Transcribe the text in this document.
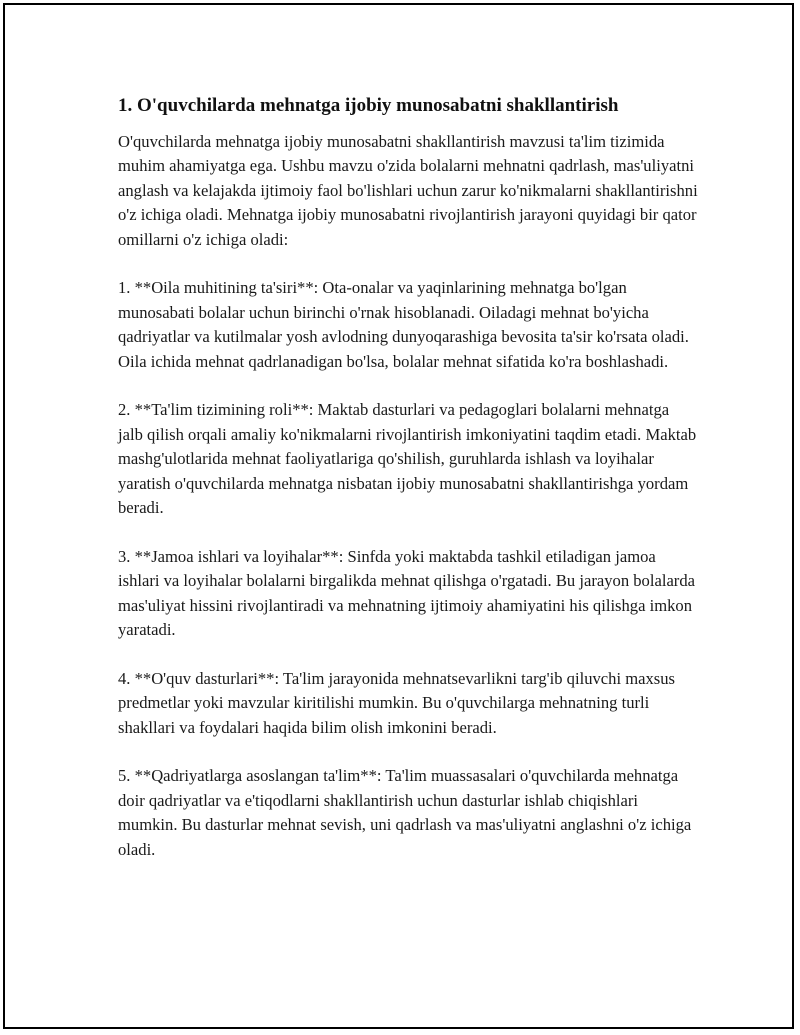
1. O'quvchilarda mehnatga ijobiy munosabatni shakllantirish

O'quvchilarda mehnatga ijobiy munosabatni shakllantirish mavzusi ta'lim tizimida muhim ahamiyatga ega. Ushbu mavzu o'zida bolalarni mehnatni qadrlash, mas'uliyatni anglash va kelajakda ijtimoiy faol bo'lishlari uchun zarur ko'nikmalarni shakllantirishni o'z ichiga oladi. Mehnatga ijobiy munosabatni rivojlantirish jarayoni quyidagi bir qator omillarni o'z ichiga oladi:

1. **Oila muhitining ta'siri**: Ota-onalar va yaqinlarining mehnatga bo'lgan munosabati bolalar uchun birinchi o'rnak hisoblanadi. Oiladagi mehnat bo'yicha qadriyatlar va kutilmalar yosh avlodning dunyoqarashiga bevosita ta'sir ko'rsata oladi. Oila ichida mehnat qadrlanadigan bo'lsa, bolalar mehnat sifatida ko'ra boshlashadi.

2. **Ta'lim tizimining roli**: Maktab dasturlari va pedagoglari bolalarni mehnatga jalb qilish orqali amaliy ko'nikmalarni rivojlantirish imkoniyatini taqdim etadi. Maktab mashg'ulotlarida mehnat faoliyatlariga qo'shilish, guruhlarda ishlash va loyihalar yaratish o'quvchilarda mehnatga nisbatan ijobiy munosabatni shakllantirishga yordam beradi.

3. **Jamoa ishlari va loyihalar**: Sinfda yoki maktabda tashkil etiladigan jamoa ishlari va loyihalar bolalarni birgalikda mehnat qilishga o'rgatadi. Bu jarayon bolalarda mas'uliyat hissini rivojlantiradi va mehnatning ijtimoiy ahamiyatini his qilishga imkon yaratadi.

4. **O'quv dasturlari**: Ta'lim jarayonida mehnatsevarlikni targ'ib qiluvchi maxsus predmetlar yoki mavzular kiritilishi mumkin. Bu o'quvchilarga mehnatning turli shakllari va foydalari haqida bilim olish imkonini beradi.

5. **Qadriyatlarga asoslangan ta'lim**: Ta'lim muassasalari o'quvchilarda mehnatga doir qadriyatlar va e'tiqodlarni shakllantirish uchun dasturlar ishlab chiqishlari mumkin. Bu dasturlar mehnat sevish, uni qadrlash va mas'uliyatni anglashni o'z ichiga oladi.
